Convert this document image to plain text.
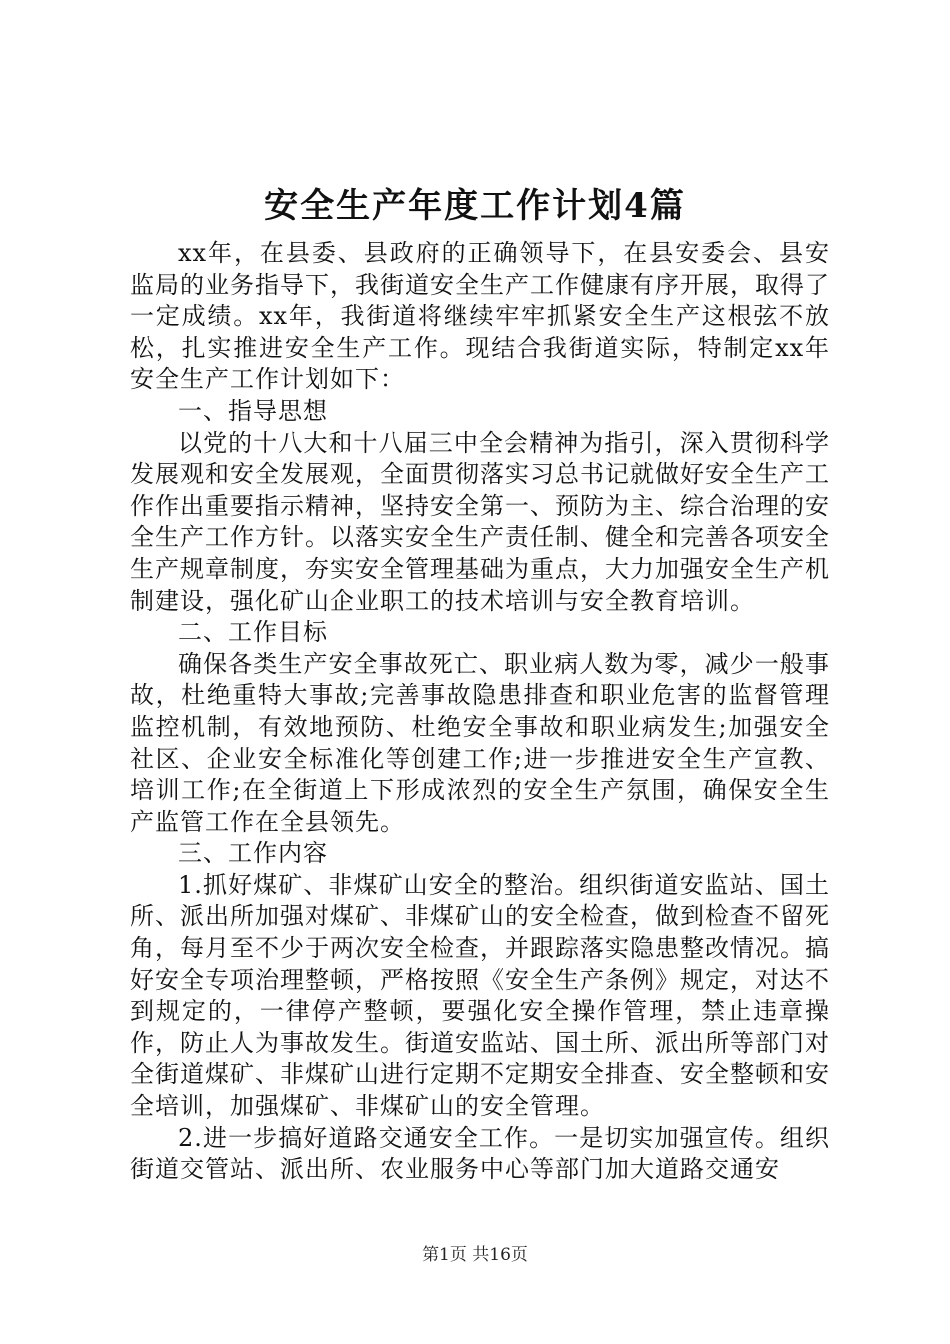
安全生产年度工作计划4篇

xx年，在县委、县政府的正确领导下，在县安委会、县安监局的业务指导下，我街道安全生产工作健康有序开展，取得了一定成绩。xx年，我街道将继续牢牢抓紧安全生产这根弦不放松，扎实推进安全生产工作。现结合我街道实际，特制定xx年安全生产工作计划如下：

一、指导思想

以党的十八大和十八届三中全会精神为指引，深入贯彻科学发展观和安全发展观，全面贯彻落实习总书记就做好安全生产工作作出重要指示精神，坚持安全第一、预防为主、综合治理的安全生产工作方针。以落实安全生产责任制、健全和完善各项安全生产规章制度，夯实安全管理基础为重点，大力加强安全生产机制建设，强化矿山企业职工的技术培训与安全教育培训。

二、工作目标

确保各类生产安全事故死亡、职业病人数为零，减少一般事故，杜绝重特大事故;完善事故隐患排查和职业危害的监督管理监控机制，有效地预防、杜绝安全事故和职业病发生;加强安全社区、企业安全标准化等创建工作;进一步推进安全生产宣教、培训工作;在全街道上下形成浓烈的安全生产氛围，确保安全生产监管工作在全县领先。

三、工作内容

1.抓好煤矿、非煤矿山安全的整治。组织街道安监站、国土所、派出所加强对煤矿、非煤矿山的安全检查，做到检查不留死角，每月至不少于两次安全检查，并跟踪落实隐患整改情况。搞好安全专项治理整顿，严格按照《安全生产条例》规定，对达不到规定的，一律停产整顿，要强化安全操作管理，禁止违章操作，防止人为事故发生。街道安监站、国土所、派出所等部门对全街道煤矿、非煤矿山进行定期不定期安全排查、安全整顿和安全培训，加强煤矿、非煤矿山的安全管理。

2.进一步搞好道路交通安全工作。一是切实加强宣传。组织街道交管站、派出所、农业服务中心等部门加大道路交通安

第1页 共16页
